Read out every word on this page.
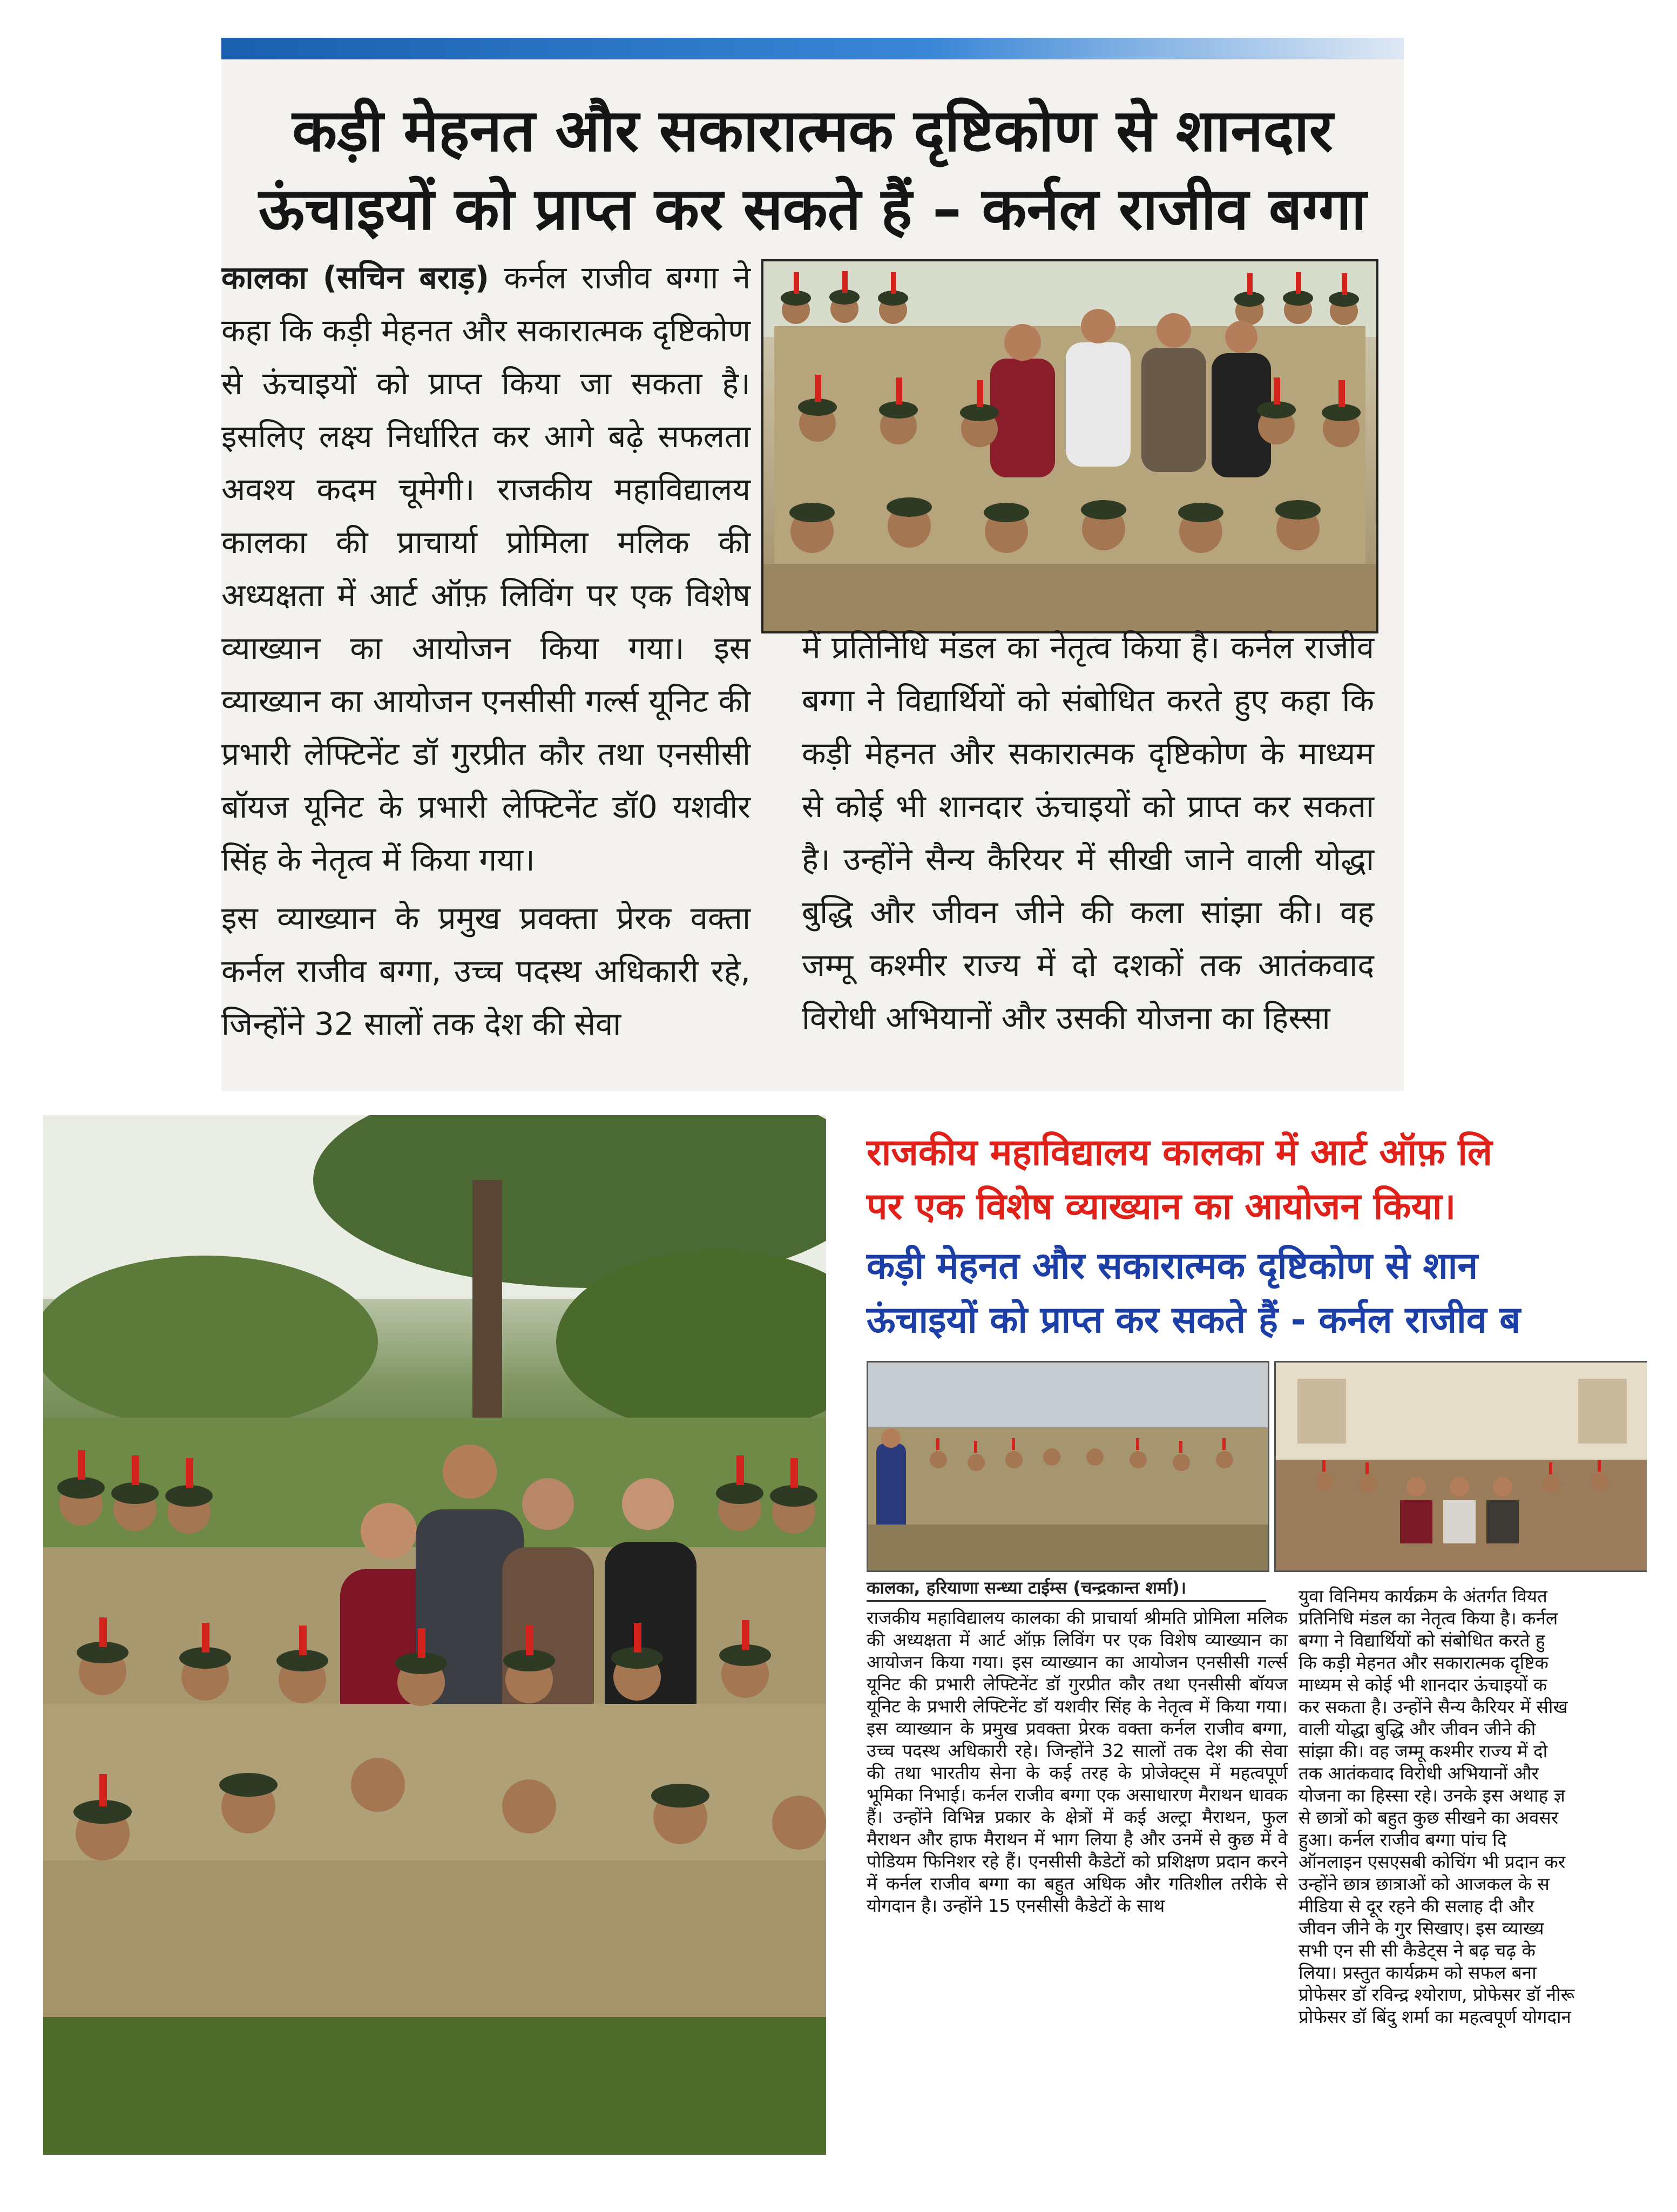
कड़ी मेहनत और सकारात्मक दृष्टिकोण से शानदार
ऊंचाइयों को प्राप्त कर सकते हैं – कर्नल राजीव बग्गा
कालका (सचिन बराड़) कर्नल राजीव बग्गा ने कहा कि कड़ी मेहनत और सकारात्मक दृष्टिकोण से ऊंचाइयों को प्राप्त किया जा सकता है। इसलिए लक्ष्य निर्धारित कर आगे बढ़े सफलता अवश्य कदम चूमेगी। राजकीय महाविद्यालय कालका की प्राचार्या प्रोमिला मलिक की अध्यक्षता में आर्ट ऑफ़ लिविंग पर एक विशेष व्याख्यान का आयोजन किया गया। इस व्याख्यान का आयोजन एनसीसी गर्ल्स यूनिट की प्रभारी लेफ्टिनेंट डॉ गुरप्रीत कौर तथा एनसीसी बॉयज यूनिट के प्रभारी लेफ्टिनेंट डॉ0 यशवीर सिंह के नेतृत्व में किया गया।
इस व्याख्यान के प्रमुख प्रवक्ता प्रेरक वक्ता कर्नल राजीव बग्गा, उच्च पदस्थ अधिकारी रहे, जिन्होंने 32 सालों तक देश की सेवा
में प्रतिनिधि मंडल का नेतृत्व किया है। कर्नल राजीव बग्गा ने विद्यार्थियों को संबोधित करते हुए कहा कि कड़ी मेहनत और सकारात्मक दृष्टिकोण के माध्यम से कोई भी शानदार ऊंचाइयों को प्राप्त कर सकता है। उन्होंने सैन्य कैरियर में सीखी जाने वाली योद्धा बुद्धि और जीवन जीने की कला सांझा की। वह जम्मू कश्मीर राज्य में दो दशकों तक आतंकवाद विरोधी अभियानों और उसकी योजना का हिस्सा
राजकीय महाविद्यालय कालका में आर्ट ऑफ़ लि
पर एक विशेष व्याख्यान का आयोजन किया।
कड़ी मेहनत और सकारात्मक दृष्टिकोण से शान
ऊंचाइयों को प्राप्त कर सकते हैं - कर्नल राजीव ब
कालका, हरियाणा सन्ध्या टाईम्स (चन्द्रकान्त शर्मा)।

राजकीय महाविद्यालय कालका की प्राचार्या श्रीमति प्रोमिला मलिक की अध्यक्षता में आर्ट ऑफ़ लिविंग पर एक विशेष व्याख्यान का आयोजन किया गया। इस व्याख्यान का आयोजन एनसीसी गर्ल्स यूनिट की प्रभारी लेफ्टिनेंट डॉ गुरप्रीत कौर तथा एनसीसी बॉयज यूनिट के प्रभारी लेफ्टिनेंट डॉ यशवीर सिंह के नेतृत्व में किया गया। इस व्याख्यान के प्रमुख प्रवक्ता प्रेरक वक्ता कर्नल राजीव बग्गा, उच्च पदस्थ अधिकारी रहे। जिन्होंने 32 सालों तक देश की सेवा की तथा भारतीय सेना के कई तरह के प्रोजेक्ट्स में महत्वपूर्ण भूमिका निभाई। कर्नल राजीव बग्गा एक असाधारण मैराथन धावक हैं। उन्होंने विभिन्न प्रकार के क्षेत्रों में कई अल्ट्रा मैराथन, फुल मैराथन और हाफ मैराथन में भाग लिया है और उनमें से कुछ में वे पोडियम फिनिशर रहे हैं। एनसीसी कैडेटों को प्रशिक्षण प्रदान करने में कर्नल राजीव बग्गा का बहुत अधिक और गतिशील तरीके से योगदान है। उन्होंने 15 एनसीसी कैडेटों के साथ

युवा विनिमय कार्यक्रम के अंतर्गत वियत

प्रतिनिधि मंडल का नेतृत्व किया है। कर्नल

बग्गा ने विद्यार्थियों को संबोधित करते हु

कि कड़ी मेहनत और सकारात्मक दृष्टिक

माध्यम से कोई भी शानदार ऊंचाइयों क

कर सकता है। उन्होंने सैन्य कैरियर में सीख

वाली योद्धा बुद्धि और जीवन जीने की

सांझा की। वह जम्मू कश्मीर राज्य में दो

तक आतंकवाद विरोधी अभियानों और

योजना का हिस्सा रहे। उनके इस अथाह ज्ञ

से छात्रों को बहुत कुछ सीखने का अवसर

हुआ। कर्नल राजीव बग्गा पांच दि

ऑनलाइन एसएसबी कोचिंग भी प्रदान कर

उन्होंने छात्र छात्राओं को आजकल के स

मीडिया से दूर रहने की सलाह दी और

जीवन जीने के गुर सिखाए। इस व्याख्य

सभी एन सी सी कैडेट्स ने बढ़ चढ़ के

लिया। प्रस्तुत कार्यक्रम को सफल बना

प्रोफेसर डॉ रविन्द्र श्योराण, प्रोफेसर डॉ नीरू

प्रोफेसर डॉ बिंदु शर्मा का महत्वपूर्ण योगदान
